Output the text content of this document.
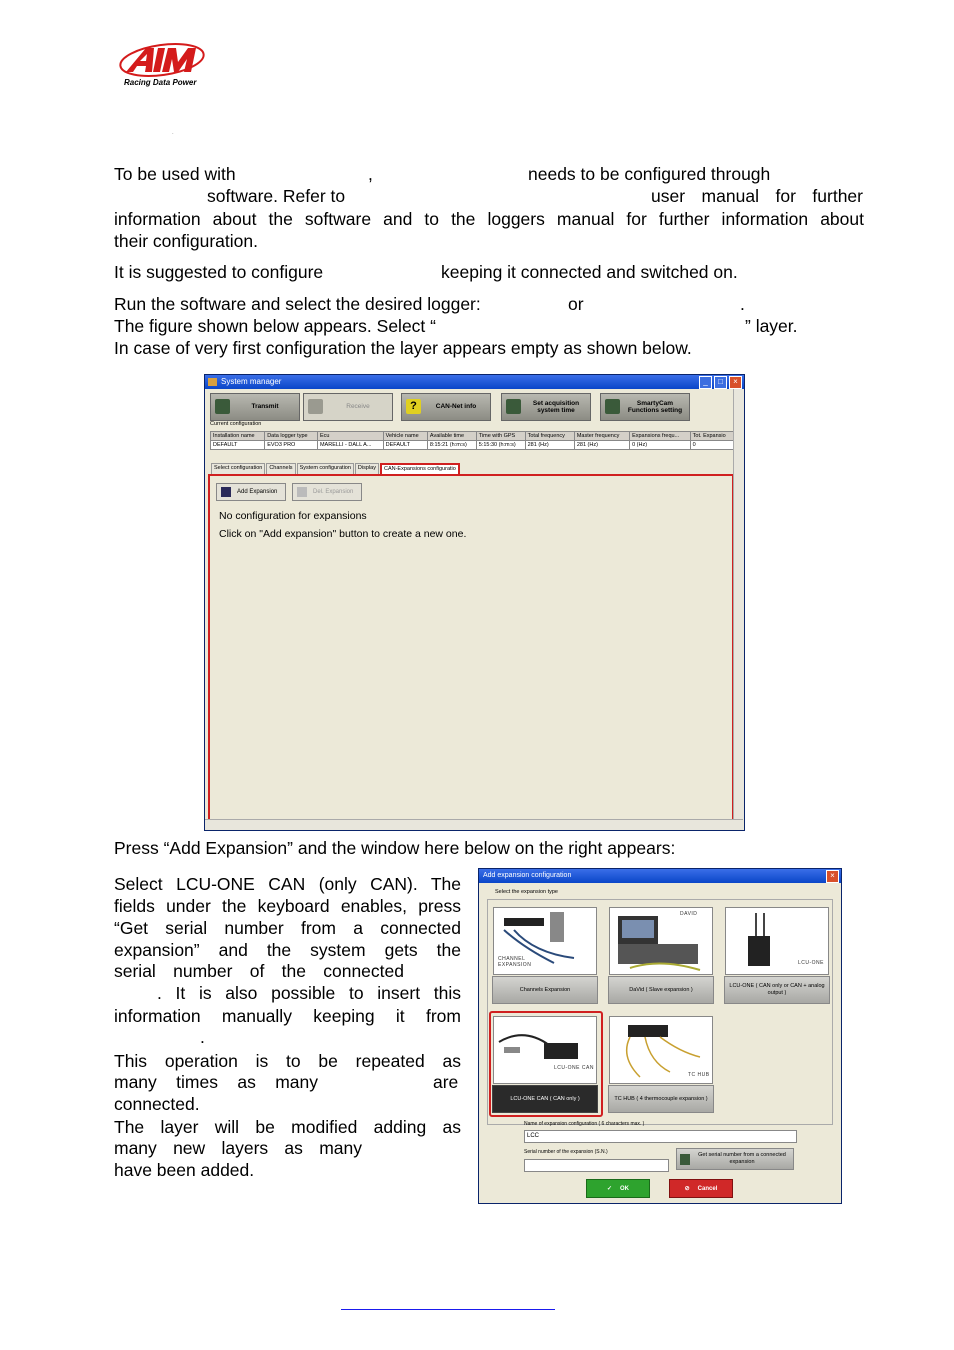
Racing Data Power
.
To be used with	,	needs to be configured through
software. Refer to	user manual for further
information about the software and to the loggers manual for further information about
their configuration.
It is suggested to configure	keeping it connected and switched on.
Run the software and select the desired logger:	or	.
The figure shown below appears. Select “	” layer.
In case of very first configuration the layer appears empty as shown below.
System manager	_	□	×
Transmit	Receive	?	CAN-Net info
Set acquisition system time
SmartyCam Functions setting
Current configuration
Installation name	Data logger type	Ecu	Vehicle name	Available time	Time with GPS	Total frequency	Master frequency	Expansions frequ...	Tot. Expansio
DEFAULT	EVO3 PRO	MARELLI - DALL A...	DEFAULT	8:15:21 (h:m:s)	5:15:30 (h:m:s)	281 (Hz)	281 (Hz)	0 (Hz)	0
Select configuration	Channels	System configuration	Display	CAN-Expansions configuratio
Add Expansion	Del. Expansion
No configuration for expansions
Click on "Add expansion" button to create a new one.
Press “Add Expansion” and the window here below on the right appears:
Select LCU-ONE CAN (only CAN). The
fields under the keyboard enables, press
“Get serial number from a connected
expansion” and the system gets the
serial number of the connected
. It is also possible to insert this
information manually keeping it from
.
This operation is to be repeated as
many times as many	are
connected.
The layer will be modified adding as
many new layers as many
have been added.
Add expansion configuration	×
Select the expansion type
CHANNEL EXPANSION
DAVID
LCU-ONE
Channels Expansion	DaVid ( Slave expansion )
LCU-ONE ( CAN only or CAN + analog output )
LCU-ONE CAN
TC HUB
LCU-ONE CAN ( CAN only )	TC HUB ( 4 thermocouple expansion )
Name of expansion configuration ( 6 characters max. )
LCC
Serial number of the expansion (S.N.)
Get serial number from a connected expansion
✓ OK	⊘ Cancel
